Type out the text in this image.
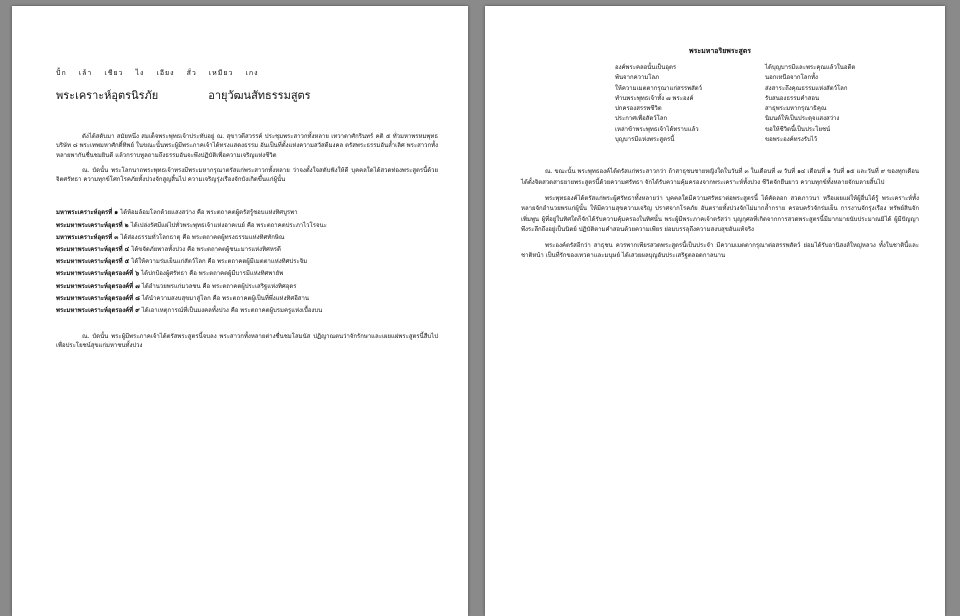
ปั้ก เล้า เชียว ไง เอียง สั่ว เหมียว เกง
พระเคราะห์อุตรนิรภัย	อายุวัฒนสัทธรรมสูตร

ดังได้สดับมา สมัยหนึ่ง สมเด็จพระพุทธเจ้าประทับอยู่ ณ. สุขาวดีสวรรค์ ประชุมพระสาวกทั้งหลาย เทวาดาศักรินทร์ คติ ๕ ทั่วมหาพรหมพุทธบริษัท ๘ พระเทพมหาศักดิ์ทิพย์ ในขณะนั้นพระผู้มีพระภาคเจ้าได้ทรงแสดงธรรม อันเป็นที่ตั้งแห่งความสวัสดีมงคล ตรัสพระธรรมอันล้ำเลิศ พระสาวกทั้งหลายพากันชื่นชมยินดี แล้วกราบทูลถามถึงธรรมอันจะพึงปฏิบัติเพื่อความเจริญแห่งชีวิต

ณ. บัดนั้น พระโลกนาถพระพุทธเจ้าทรงมีพระมหากรุณาตรัสแก่พระสาวกทั้งหลาย ว่าจงตั้งใจสดับฟังให้ดี บุคคลใดได้สวดท่องพระสูตรนี้ด้วยจิตศรัทธา ความทุกข์โศกโรคภัยทั้งปวงจักสูญสิ้นไป ความเจริญรุ่งเรืองจักบังเกิดขึ้นแก่ผู้นั้น

มหาพระเคราะห์อุตรที่ ๑ ได้ห้อมล้อมโลกด้วยแสงสว่าง คือ พระตถาคตผู้ตรัสรู้ชอบแห่งทิศบูรพา
พระมหาพระเคราะห์อุตรที่ ๒ ได้เปล่งรัศมีแผ่ไปทั่วพระพุทธเจ้าแห่งอาคเนย์ คือ พระตถาคตประภาไวโรจนะ
มหาพระเคราะห์อุตรที่ ๓ ได้ส่องธรรมทั่วโลกธาตุ คือ พระตถาคตผู้ทรงธรรมแห่งทิศทักษิณ
พระมหาพระเคราะห์อุตรที่ ๔ ได้ขจัดภัยพาลทั้งปวง คือ พระตถาคตผู้ชนะมารแห่งทิศหรดี
พระมหาพระเคราะห์อุตรที่ ๕ ได้ให้ความร่มเย็นแก่สัตว์โลก คือ พระตถาคตผู้มีเมตตาแห่งทิศประจิม
พระมหาพระเคราะห์อุตรองค์ที่ ๖ ได้ปกป้องผู้ศรัทธา คือ พระตถาคตผู้มีบารมีแห่งทิศพายัพ
พระมหาพระเคราะห์อุตรองค์ที่ ๗ ได้อำนวยพรแก่มวลชน คือ พระตถาคตผู้ประเสริฐแห่งทิศอุดร
พระมหาพระเคราะห์อุตรองค์ที่ ๘ ได้นำความสงบสุขมาสู่โลก คือ พระตถาคตผู้เป็นที่พึ่งแห่งทิศอีสาน
พระมหาพระเคราะห์อุตรองค์ที่ ๙ ได้เอาเหตุการณ์ที่เป็นมงคลทั้งปวง คือ พระตถาคตผู้บรมครูแห่งเบื้องบน

ณ. บัดนั้น พระผู้มีพระภาคเจ้าได้ตรัสพระสูตรนี้จบลง พระสาวกทั้งหลายต่างชื่นชมโสมนัส ปฏิญาณตนว่าจักรักษาและเผยแผ่พระสูตรนี้สืบไป เพื่อประโยชน์สุขแก่มหาชนทั้งปวง

พระมหาอริยพระสูตร
องค์พระคลอนั้นเป็นอุตร	ได้บุญบารมีและพระคุณแล้วในอดีต
พ้นจากความโลภ	นอกเหนือจากโลกทั้ง
ให้ความเมตตากรุณาแก่สรรพสัตว์	ส่งสาระถึงคุณธรรมแห่งสัตว์โลก
ทำนพระพุทธเจ้าทั้ง ๗ พระองค์	รับสนองธรรมคำสอน
ปกครองสรรพชีวิต	สาธุพระมหากรุณาธิคุณ
ประกาศเพื่อสัตว์โลก	นิมนต์ให้เป็นประดุจแสงสว่าง
เหล่าข้าพระพุทธเจ้าได้ทราบแล้ว	ขอให้ชีวิตนี้เป็นประโยชน์
บุญบารมีแห่งพระสูตรนี้	ขอพระองค์ทรงรับไว้

ณ. ขณะนั้น พระพุทธองค์ได้ตรัสแก่พระสาวกว่า ถ้าสาธุชนชายหญิงใดในวันที่ ๓ ในเดือนที่ ๗ วันที่ ๑๔ เดือนที่ ๑ วันที่ ๑๕ และวันที่ ๙ ของทุกเดือน ได้ตั้งจิตสวดสาธยายพระสูตรนี้ด้วยความศรัทธา จักได้รับความคุ้มครองจากพระเคราะห์ทั้งปวง ชีวิตจักยืนยาว ความทุกข์ทั้งหลายจักมลายสิ้นไป

พระพุทธองค์ได้ตรัสแก่พระผู้ศรัทธาทั้งหลายว่า บุคคลใดมีความศรัทธาต่อพระสูตรนี้ ได้คัดลอก สวดภาวนา หรือเผยแผ่ให้ผู้อื่นได้รู้ พระเคราะห์ทั้งหลายจักอำนวยพรแก่ผู้นั้น ให้มีความสุขความเจริญ ปราศจากโรคภัย อันตรายทั้งปวงจักไม่มากล้ำกราย ครอบครัวจักร่มเย็น การงานจักรุ่งเรือง ทรัพย์สินจักเพิ่มพูน ผู้ที่อยู่ในทิศใดก็จักได้รับความคุ้มครองในทิศนั้น พระผู้มีพระภาคเจ้าตรัสว่า บุญกุศลที่เกิดจากการสวดพระสูตรนี้มีมากมายนับประมาณมิได้ ผู้มีปัญญาพึงระลึกถึงอยู่เป็นนิตย์ ปฏิบัติตามคำสอนด้วยความเพียร ย่อมบรรลุถึงความสงบสุขอันแท้จริง

พระองค์ตรัสอีกว่า สาธุชน ควรพากเพียรสวดพระสูตรนี้เป็นประจำ มีความเมตตากรุณาต่อสรรพสัตว์ ย่อมได้รับอานิสงส์ใหญ่หลวง ทั้งในชาตินี้และชาติหน้า เป็นที่รักของเทวดาและมนุษย์ ได้เสวยผลบุญอันประเสริฐตลอดกาลนาน
